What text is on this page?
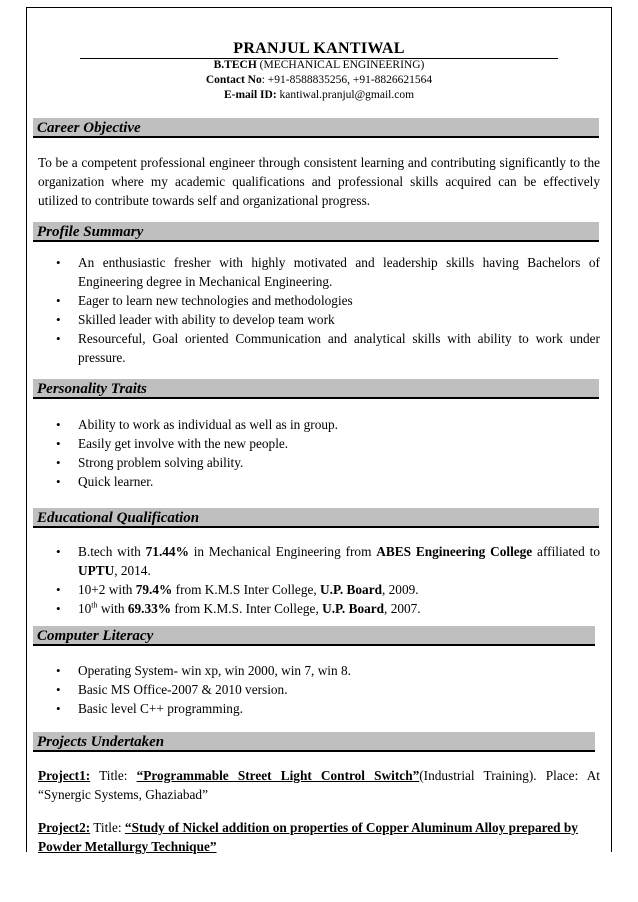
PRANJUL KANTIWAL
B.TECH (MECHANICAL ENGINEERING)
Contact No: +91-8588835256, +91-8826621564
E-mail ID: kantiwal.pranjul@gmail.com
Career Objective
To be a competent professional engineer through consistent learning and contributing significantly to the organization where my academic qualifications and professional skills acquired can be effectively utilized to contribute towards self and organizational progress.
Profile Summary
• An enthusiastic fresher with highly motivated and leadership skills having Bachelors of Engineering degree in Mechanical Engineering.
• Eager to learn new technologies and methodologies
• Skilled leader with ability to develop team work
• Resourceful, Goal oriented Communication and analytical skills with ability to work under pressure.
Personality Traits
• Ability to work as individual as well as in group.
• Easily get involve with the new people.
• Strong problem solving ability.
• Quick learner.
Educational Qualification
• B.tech with 71.44% in Mechanical Engineering from ABES Engineering College affiliated to UPTU, 2014.
• 10+2 with 79.4% from K.M.S Inter College, U.P. Board, 2009.
• 10th with 69.33% from K.M.S. Inter College, U.P. Board, 2007.
Computer Literacy
• Operating System- win xp, win 2000, win 7, win 8.
• Basic MS Office-2007 & 2010 version.
• Basic level C++ programming.
Projects Undertaken
Project1: Title: “Programmable Street Light Control Switch”(Industrial Training). Place: At “Synergic Systems, Ghaziabad”
Project2: Title: “Study of Nickel addition on properties of Copper Aluminum Alloy prepared by Powder Metallurgy Technique”
